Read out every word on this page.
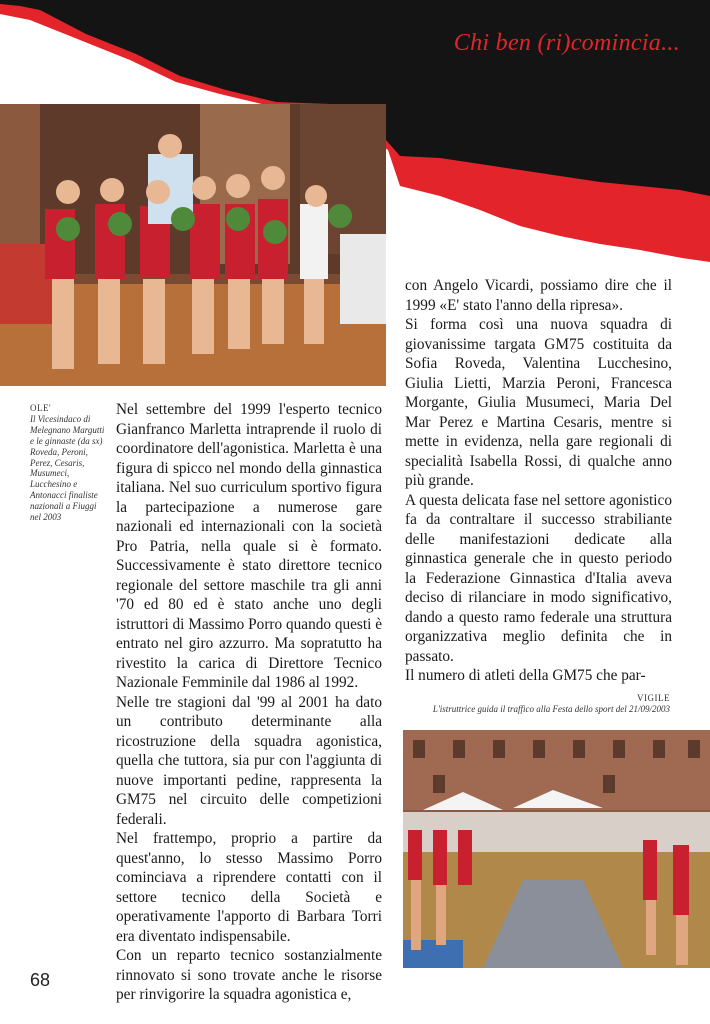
Chi ben (ri)comincia...
OLE'
Il Vicesindaco di Melegnano Margutti e le ginnaste (da sx) Roveda, Peroni, Perez, Cesaris, Musumeci, Lucchesino e Antonacci finaliste nazionali a Fiuggi nel 2003

Nel settembre del 1999 l'esperto tecnico Gianfranco Marletta intraprende il ruolo di coordinatore dell'agonistica. Marletta è una figura di spicco nel mondo della ginnastica italiana. Nel suo curriculum sportivo figura la partecipazione a numerose gare nazionali ed internazionali con la società Pro Patria, nella quale si è formato. Successivamente è stato direttore tecnico regionale del settore maschile tra gli anni '70 ed 80 ed è stato anche uno degli istruttori di Massimo Porro quando questi è entrato nel giro azzurro. Ma sopratutto ha rivestito la carica di Direttore Tecnico Nazionale Femminile dal 1986 al 1992.

Nelle tre stagioni dal '99 al 2001 ha dato un contributo determinante alla ricostruzione della squadra agonistica, quella che tuttora, sia pur con l'aggiunta di nuove importanti pedine, rappresenta la GM75 nel circuito delle competizioni federali.

Nel frattempo, proprio a partire da quest'anno, lo stesso Massimo Porro cominciava a riprendere contatti con il settore tecnico della Società e operativamente l'apporto di Barbara Torri era diventato indispensabile.

Con un reparto tecnico sostanzialmente rinnovato si sono trovate anche le risorse per rinvigorire la squadra agonistica e,

con Angelo Vicardi, possiamo dire che il 1999 «E' stato l'anno della ripresa».

Si forma così una nuova squadra di giovanissime targata GM75 costituita da Sofia Roveda, Valentina Lucchesino, Giulia Lietti, Marzia Peroni, Francesca Morgante, Giulia Musumeci, Maria Del Mar Perez e Martina Cesaris, mentre si mette in evidenza, nella gare regionali di specialità Isabella Rossi, di qualche anno più grande.

A questa delicata fase nel settore agonistico fa da contraltare il successo strabiliante delle manifestazioni dedicate alla ginnastica generale che in questo periodo la Federazione Ginnastica d'Italia aveva deciso di rilanciare in modo significativo, dando a questo ramo federale una struttura organizzativa meglio definita che in passato.

Il numero di atleti della GM75 che par-

VIGILE
L'istruttrice guida il traffico alla Festa dello sport del 21/09/2003
68
